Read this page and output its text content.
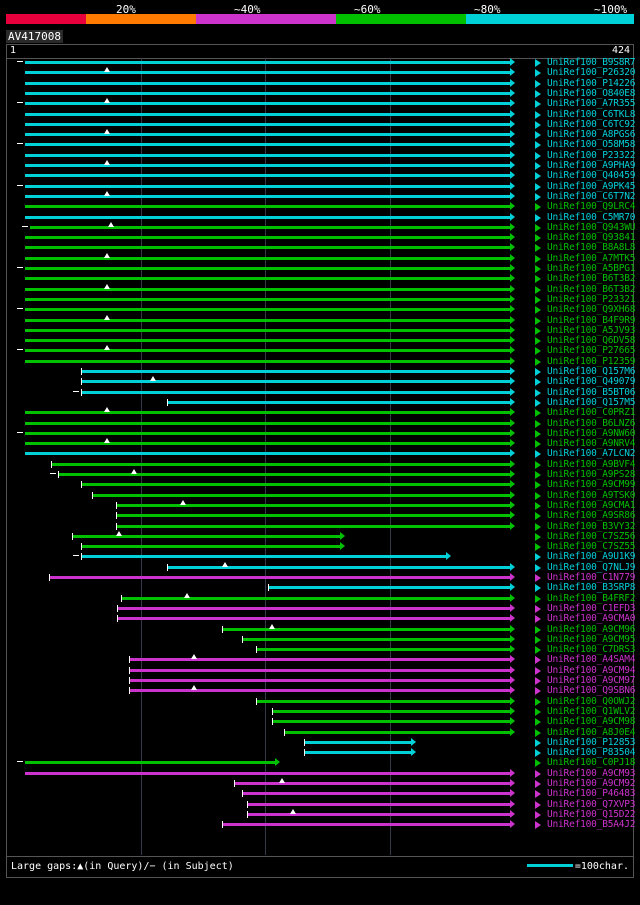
20%	~40%	~60%	~80%	~100%
AV417008
1	424
UniRef100_B9S8R7
UniRef100_P26320
UniRef100_P14226
UniRef100_O840E8
UniRef100_A7R355
UniRef100_C6TKL8
UniRef100_C6TC92
UniRef100_A8PGS6
UniRef100_O58M58
UniRef100_P23322
UniRef100_A9PHA9
UniRef100_Q40459
UniRef100_A9PK45
UniRef100_C6T7N2
UniRef100_Q9LRC4
UniRef100_C5MR70
UniRef100_Q943WU
UniRef100_Q93841
UniRef100_B8A8L8
UniRef100_A7MTK5
UniRef100_A5BPG1
UniRef100_B6T3B2
UniRef100_B6T3B2
UniRef100_P23321
UniRef100_Q9XH68
UniRef100_B4F9R9
UniRef100_A5JV93
UniRef100_Q6DV58
UniRef100_P27665
UniRef100_P12359
UniRef100_Q157M6
UniRef100_Q49079
UniRef100_B5BT06
UniRef100_Q157M5
UniRef100_C0PRZ1
UniRef100_B6LNZ6
UniRef100_A9NW60
UniRef100_A9NRV4
UniRef100_A7LCN2
UniRef100_A9BVF4
UniRef100_A9PS28
UniRef100_A9CM99
UniRef100_A9TSK0
UniRef100_A9CMA1
UniRef100_A9SR86
UniRef100_B3VY32
UniRef100_C7SZ56
UniRef100_C7SZ55
UniRef100_A9U1K9
UniRef100_Q7NLJ9
UniRef100_C1N779
UniRef100_B3SRP8
UniRef100_B4FRF2
UniRef100_C1EFD3
UniRef100_A9CMA0
UniRef100_A9CM96
UniRef100_A9CM95
UniRef100_C7DRS3
UniRef100_A4SAM4
UniRef100_A9CM94
UniRef100_A9CM97
UniRef100_Q9SBN6
UniRef100_Q0OWJ2
UniRef100_Q1WLV2
UniRef100_A9CM98
UniRef100_A8J0E4
UniRef100_P12853
UniRef100_P83504
UniRef100_C0PJ18
UniRef100_A9CM93
UniRef100_A9CM92
UniRef100_P46483
UniRef100_Q7XVP3
UniRef100_Q15D22
UniRef100_B5A4J2
Large gaps:▲(in Query)/− (in Subject)	=100char.
